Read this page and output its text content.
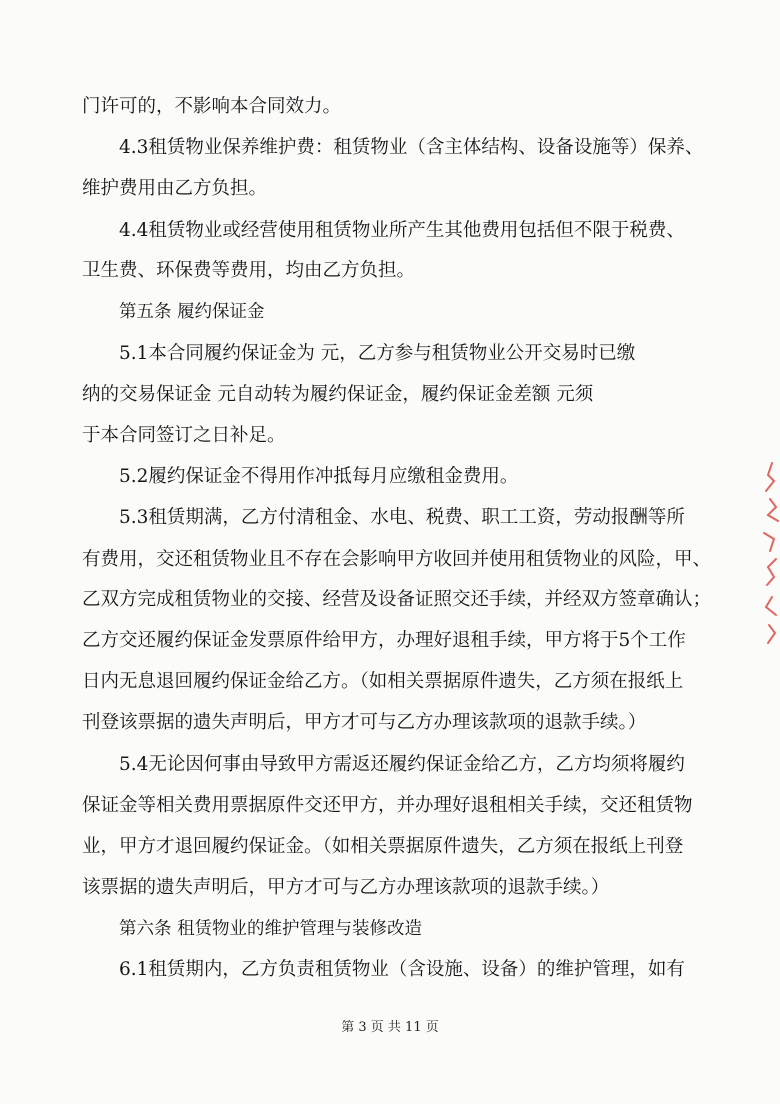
门许可的，不影响本合同效力。
4.3租赁物业保养维护费：租赁物业（含主体结构、设备设施等）保养、
维护费用由乙方负担。
4.4租赁物业或经营使用租赁物业所产生其他费用包括但不限于税费、
卫生费、环保费等费用，均由乙方负担。
第五条 履约保证金
5.1本合同履约保证金为 元，乙方参与租赁物业公开交易时已缴
纳的交易保证金 元自动转为履约保证金，履约保证金差额 元须
于本合同签订之日补足。
5.2履约保证金不得用作冲抵每月应缴租金费用。
5.3租赁期满，乙方付清租金、水电、税费、职工工资，劳动报酬等所
有费用，交还租赁物业且不存在会影响甲方收回并使用租赁物业的风险，甲、
乙双方完成租赁物业的交接、经营及设备证照交还手续，并经双方签章确认；
乙方交还履约保证金发票原件给甲方，办理好退租手续，甲方将于5个工作
日内无息退回履约保证金给乙方。（如相关票据原件遗失，乙方须在报纸上
刊登该票据的遗失声明后，甲方才可与乙方办理该款项的退款手续。）
5.4无论因何事由导致甲方需返还履约保证金给乙方，乙方均须将履约
保证金等相关费用票据原件交还甲方，并办理好退租相关手续，交还租赁物
业，甲方才退回履约保证金。（如相关票据原件遗失，乙方须在报纸上刊登
该票据的遗失声明后，甲方才可与乙方办理该款项的退款手续。）
第六条 租赁物业的维护管理与装修改造
6.1租赁期内，乙方负责租赁物业（含设施、设备）的维护管理，如有
第 3 页 共 11 页
